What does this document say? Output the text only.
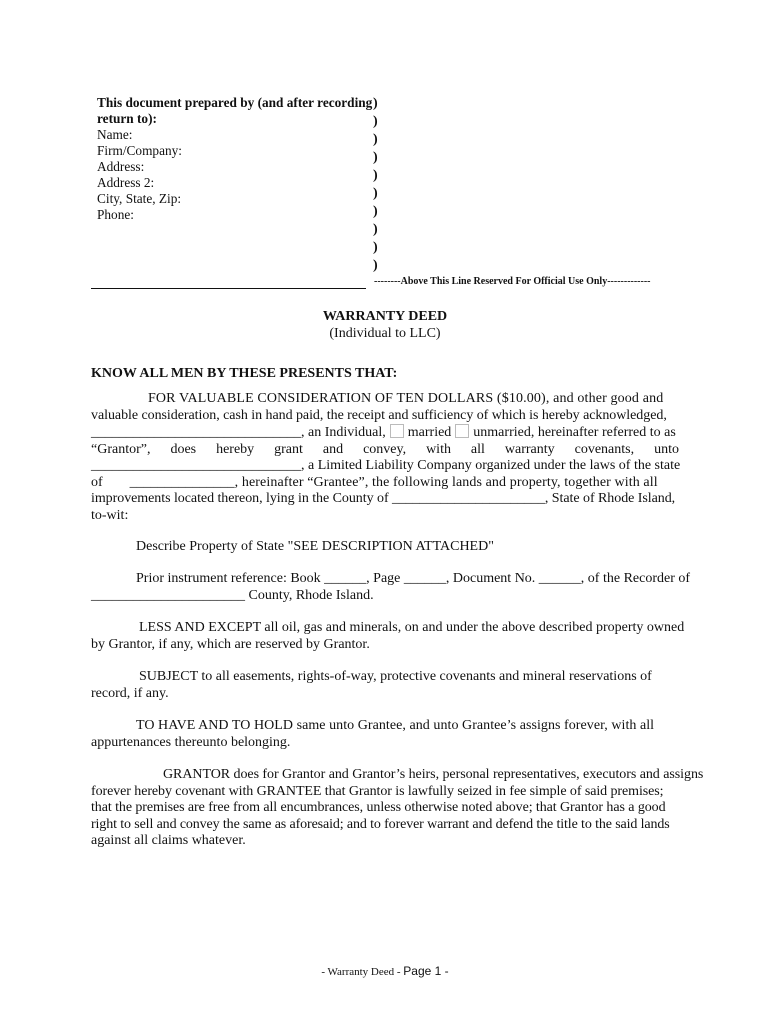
This document prepared by (and after recording
return to):
Name:
Firm/Company:
Address:
Address 2:
City, State, Zip:
Phone:
)
)
)
)
)
)
)
)
)
)
--------Above This Line Reserved For Official Use Only-------------
WARRANTY DEED
(Individual to LLC)
KNOW ALL MEN BY THESE PRESENTS THAT:
FOR VALUABLE CONSIDERATION OF TEN DOLLARS ($10.00), and other good and
valuable consideration, cash in hand paid, the receipt and sufficiency of which is hereby acknowledged,
______________________________, an Individual, married unmarried, hereinafter referred to as
“Grantor”, does hereby grant and convey, with all warranty covenants, unto
______________________________, a Limited Liability Company organized under the laws of the state
of _______________ , hereinafter “Grantee”, the following lands and property, together with all
improvements located thereon, lying in the County of ______________________, State of Rhode Island,
to-wit:
Describe Property of State "SEE DESCRIPTION ATTACHED"
Prior instrument reference: Book ______, Page ______, Document No. ______, of the Recorder of
______________________ County, Rhode Island.
LESS AND EXCEPT all oil, gas and minerals, on and under the above described property owned
by Grantor, if any, which are reserved by Grantor.
SUBJECT to all easements, rights-of-way, protective covenants and mineral reservations of
record, if any.
TO HAVE AND TO HOLD same unto Grantee, and unto Grantee’s assigns forever, with all
appurtenances thereunto belonging.
GRANTOR does for Grantor and Grantor’s heirs, personal representatives, executors and assigns
forever hereby covenant with GRANTEE that Grantor is lawfully seized in fee simple of said premises;
that the premises are free from all encumbrances, unless otherwise noted above; that Grantor has a good
right to sell and convey the same as aforesaid; and to forever warrant and defend the title to the said lands
against all claims whatever.
- Warranty Deed - Page 1 -
